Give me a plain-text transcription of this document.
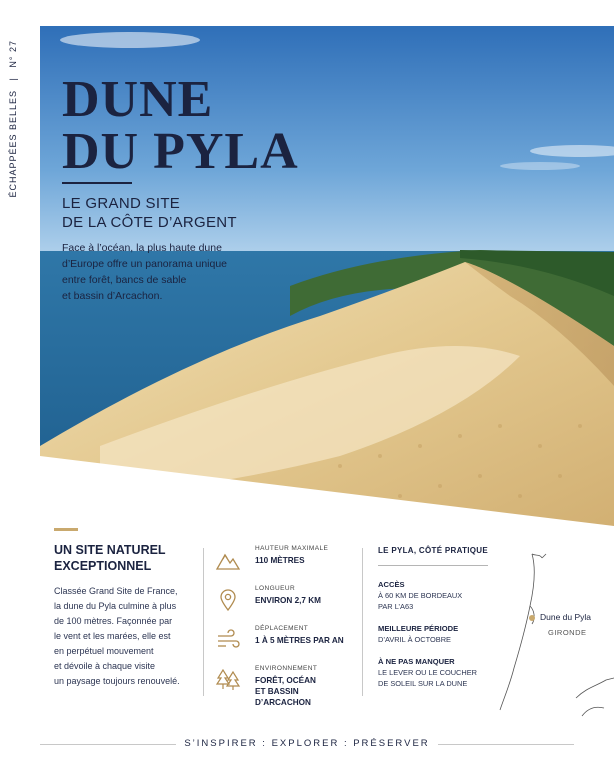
ÉCHAPPÉES BELLES | N° 27
DUNE
DU PYLA
LE GRAND SITE
DE LA CÔTE D’ARGENT
Face à l’océan, la plus haute dune
d’Europe offre un panorama unique
entre forêt, bancs de sable
et bassin d’Arcachon.
UN SITE NATUREL
EXCEPTIONNEL
Classée Grand Site de France,
la dune du Pyla culmine à plus
de 100 mètres. Façonnée par
le vent et les marées, elle est
en perpétuel mouvement
et dévoile à chaque visite
un paysage toujours renouvelé.
HAUTEUR MAXIMALE
110 MÈTRES
LONGUEUR
ENVIRON 2,7 KM
DÉPLACEMENT
1 À 5 MÈTRES PAR AN
ENVIRONNEMENT
FORÊT, OCÉAN
ET BASSIN D’ARCACHON
LE PYLA, CÔTÉ PRATIQUE
ACCÈS
À 60 KM DE BORDEAUX
PAR L’A63
MEILLEURE PÉRIODE
D’AVRIL À OCTOBRE
À NE PAS MANQUER
LE LEVER OU LE COUCHER
DE SOLEIL SUR LA DUNE
Dune du Pyla
GIRONDE
S’INSPIRER : EXPLORER : PRÉSERVER
